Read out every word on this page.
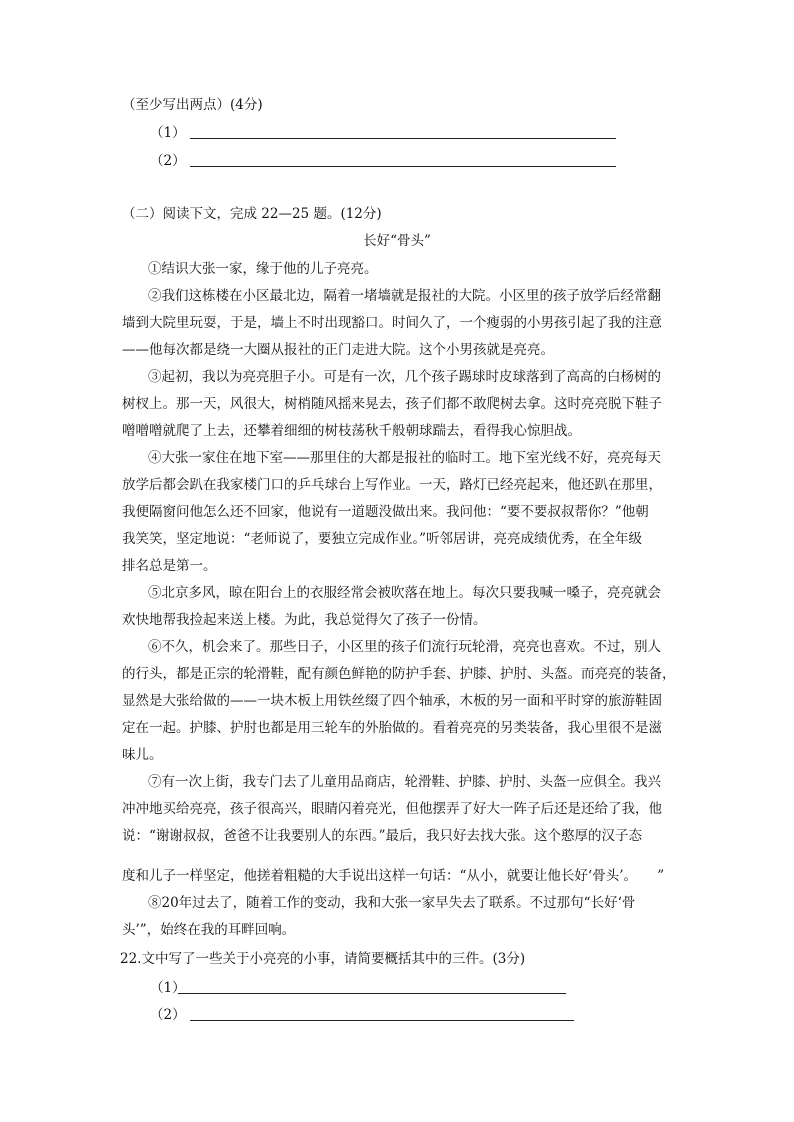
（至少写出两点）(4分)
（1）
（2）
（二）阅读下文，完成 22—25 题。(12分)
长好“骨头”
①结识大张一家，缘于他的儿子亮亮。
②我们这栋楼在小区最北边，隔着一堵墙就是报社的大院。小区里的孩子放学后经常翻
墙到大院里玩耍，于是，墙上不时出现豁口。时间久了，一个瘦弱的小男孩引起了我的注意
——他每次都是绕一大圈从报社的正门走进大院。这个小男孩就是亮亮。
③起初，我以为亮亮胆子小。可是有一次，几个孩子踢球时皮球落到了高高的白杨树的
树杈上。那一天，风很大，树梢随风摇来晃去，孩子们都不敢爬树去拿。这时亮亮脱下鞋子
噌噌噌就爬了上去，还攀着细细的树枝荡秋千般朝球踹去，看得我心惊胆战。
④大张一家住在地下室——那里住的大都是报社的临时工。地下室光线不好，亮亮每天
放学后都会趴在我家楼门口的乒乓球台上写作业。一天，路灯已经亮起来，他还趴在那里，
我便隔窗问他怎么还不回家，他说有一道题没做出来。我问他：“要不要叔叔帮你？”他朝
我笑笑，坚定地说：“老师说了，要独立完成作业。”听邻居讲，亮亮成绩优秀，在全年级
排名总是第一。
⑤北京多风，晾在阳台上的衣服经常会被吹落在地上。每次只要我喊一嗓子，亮亮就会
欢快地帮我捡起来送上楼。为此，我总觉得欠了孩子一份情。
⑥不久，机会来了。那些日子，小区里的孩子们流行玩轮滑，亮亮也喜欢。不过，别人
的行头，都是正宗的轮滑鞋，配有颜色鲜艳的防护手套、护膝、护肘、头盔。而亮亮的装备，
显然是大张给做的——一块木板上用铁丝缀了四个轴承，木板的另一面和平时穿的旅游鞋固
定在一起。护膝、护肘也都是用三轮车的外胎做的。看着亮亮的另类装备，我心里很不是滋
味儿。
⑦有一次上街，我专门去了儿童用品商店，轮滑鞋、护膝、护肘、头盔一应俱全。我兴
冲冲地买给亮亮，孩子很高兴，眼睛闪着亮光，但他摆弄了好大一阵子后还是还给了我，他
说：“谢谢叔叔，爸爸不让我要别人的东西。”最后，我只好去找大张。这个憨厚的汉子态
度和儿子一样坚定，他搓着粗糙的大手说出这样一句话：“从小，就要让他长好‘骨头’。　　”
⑧20年过去了，随着工作的变动，我和大张一家早失去了联系。不过那句“长好‘骨
头’”，始终在我的耳畔回响。
22.文中写了一些关于小亮亮的小事，请简要概括其中的三件。(3分)
（1）
（2）
